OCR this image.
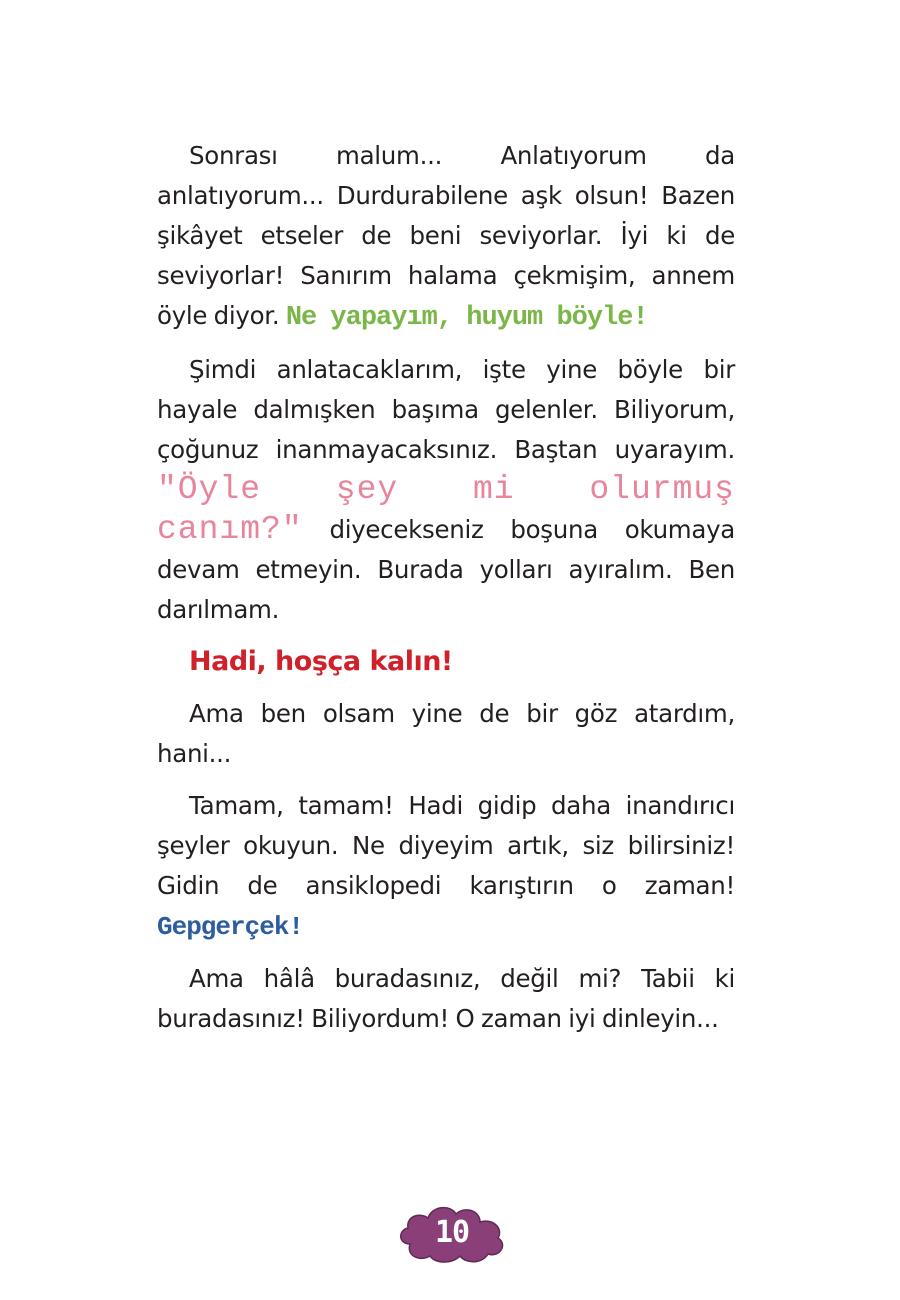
Sonrası malum... Anlatıyorum da anlatıyorum... Durdurabilene aşk olsun! Bazen şikâyet etseler de beni seviyorlar. İyi ki de seviyorlar! Sanırım halama çekmişim, annem öyle diyor. Ne yapayım, huyum böyle!

Şimdi anlatacaklarım, işte yine böyle bir hayale dalmışken başıma gelenler. Biliyorum, çoğunuz inanmayacaksınız. Baştan uyarayım. "Öyle şey mi olurmuş canım?" diyecekseniz boşuna okumaya devam etmeyin. Burada yolları ayıralım. Ben darılmam.

Hadi, hoşça kalın!

Ama ben olsam yine de bir göz atardım, hani...

Tamam, tamam! Hadi gidip daha inandırıcı şeyler okuyun. Ne diyeyim artık, siz bilirsiniz! Gidin de ansiklopedi karıştırın o zaman! Gepgerçek!

Ama hâlâ buradasınız, değil mi? Tabii ki buradasınız! Biliyordum! O zaman iyi dinleyin...

10
